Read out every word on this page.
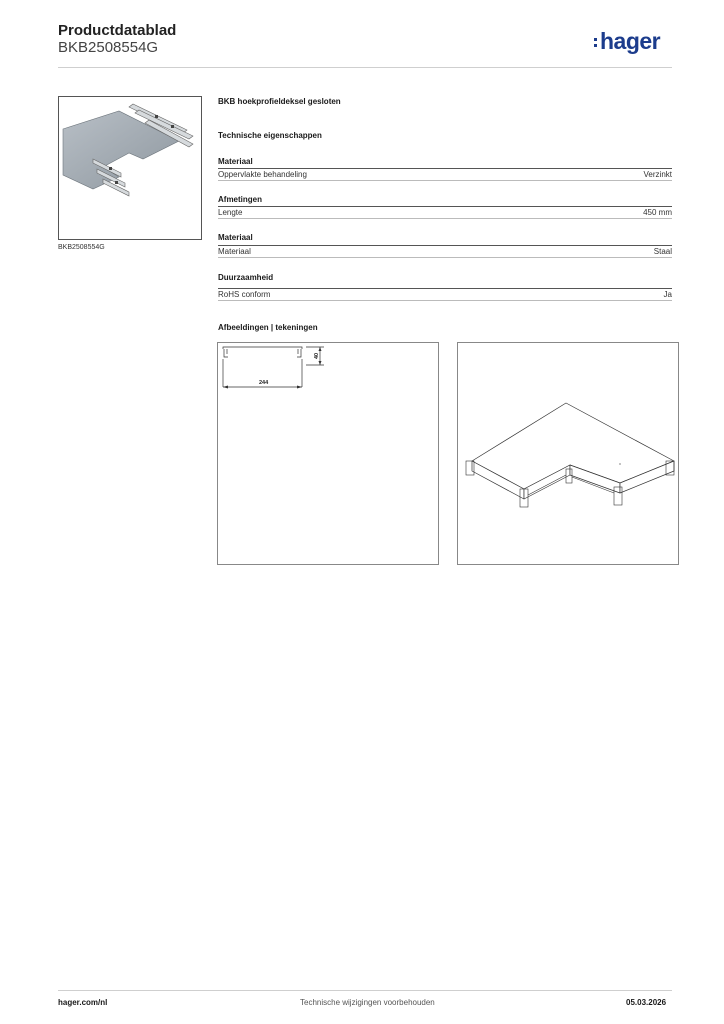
Productdatablad
BKB2508554G	hager
BKB2508554G
BKB hoekprofieldeksel gesloten
Technische eigenschappen
Materiaal
Oppervlakte behandeling	Verzinkt
Afmetingen
Lengte	450 mm
Materiaal
Materiaal	Staal
Duurzaamheid
RoHS conform	Ja
Afbeeldingen | tekeningen
244
40
hager.com/nl	Technische wijzigingen voorbehouden	05.03.2026
